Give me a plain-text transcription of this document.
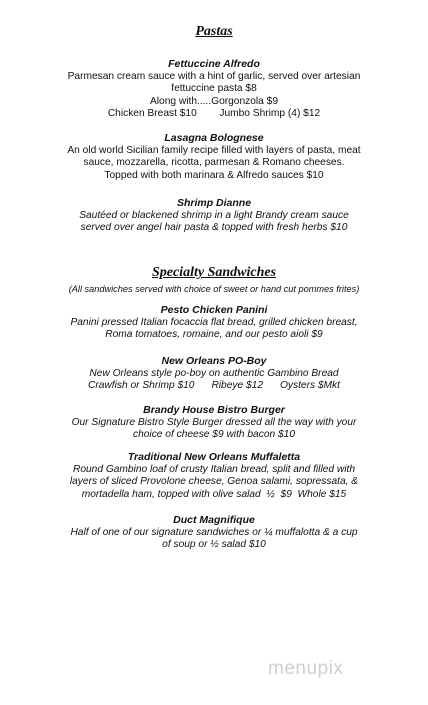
Pastas
Fettuccine Alfredo
Parmesan cream sauce with a hint of garlic, served over artesian
fettuccine pasta $8
Along with.....Gorgonzola $9
Chicken Breast $10        Jumbo Shrimp (4) $12
Lasagna Bolognese
An old world Sicilian family recipe filled with layers of pasta, meat
sauce, mozzarella, ricotta, parmesan & Romano cheeses.
Topped with both marinara & Alfredo sauces $10
Shrimp Dianne
Sautéed or blackened shrimp in a light Brandy cream sauce
served over angel hair pasta & topped with fresh herbs $10
Specialty Sandwiches
(All sandwiches served with choice of sweet or hand cut pommes frites)
Pesto Chicken Panini
Panini pressed Italian focaccia flat bread, grilled chicken breast,
Roma tomatoes, romaine, and our pesto aioli $9
New Orleans PO-Boy
New Orleans style po-boy on authentic Gambino Bread
Crawfish or Shrimp $10      Ribeye $12      Oysters $Mkt
Brandy House Bistro Burger
Our Signature Bistro Style Burger dressed all the way with your
choice of cheese $9 with bacon $10
Traditional New Orleans Muffaletta
Round Gambino loaf of crusty Italian bread, split and filled with
layers of sliced Provolone cheese, Genoa salami, sopressata, &
mortadella ham, topped with olive salad  ½  $9  Whole $15
Duct Magnifique
Half of one of our signature sandwiches or ¼ muffalotta & a cup
of soup or ½ salad $10
menupix
